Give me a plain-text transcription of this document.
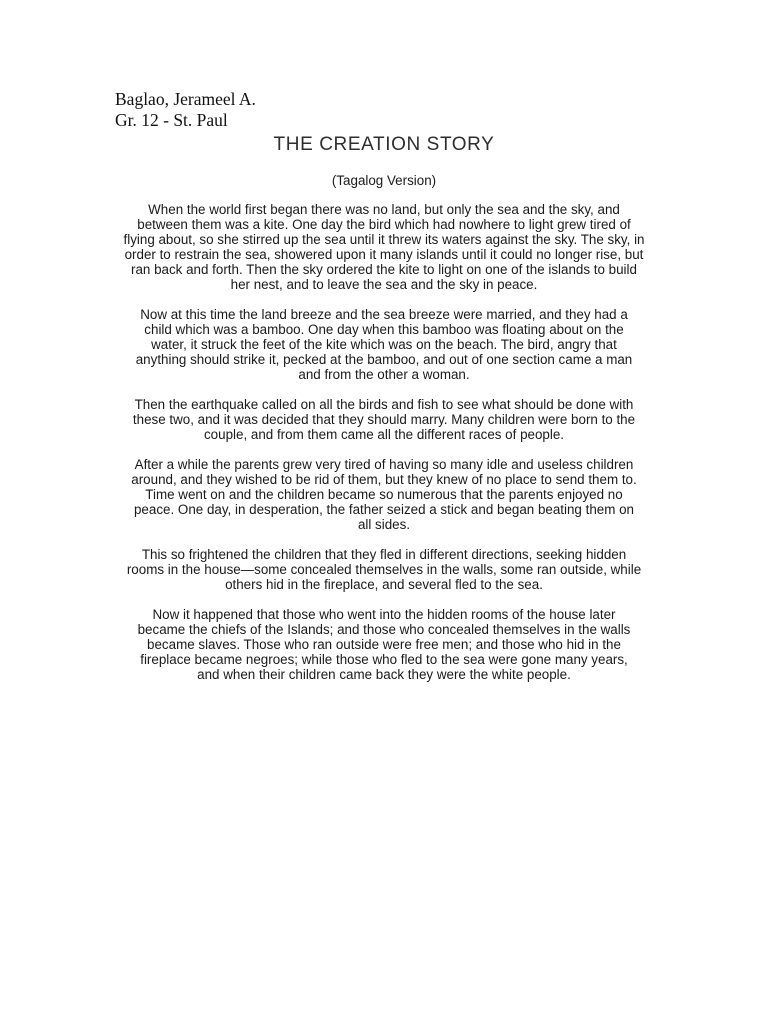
Baglao, Jerameel A.
Gr. 12 - St. Paul
THE CREATION STORY
(Tagalog Version)
When the world first began there was no land, but only the sea and the sky, and
between them was a kite. One day the bird which had nowhere to light grew tired of
flying about, so she stirred up the sea until it threw its waters against the sky. The sky, in
order to restrain the sea, showered upon it many islands until it could no longer rise, but
ran back and forth. Then the sky ordered the kite to light on one of the islands to build
her nest, and to leave the sea and the sky in peace.
Now at this time the land breeze and the sea breeze were married, and they had a
child which was a bamboo. One day when this bamboo was floating about on the
water, it struck the feet of the kite which was on the beach. The bird, angry that
anything should strike it, pecked at the bamboo, and out of one section came a man
and from the other a woman.
Then the earthquake called on all the birds and fish to see what should be done with
these two, and it was decided that they should marry. Many children were born to the
couple, and from them came all the different races of people.
After a while the parents grew very tired of having so many idle and useless children
around, and they wished to be rid of them, but they knew of no place to send them to.
Time went on and the children became so numerous that the parents enjoyed no
peace. One day, in desperation, the father seized a stick and began beating them on
all sides.
This so frightened the children that they fled in different directions, seeking hidden
rooms in the house—some concealed themselves in the walls, some ran outside, while
others hid in the fireplace, and several fled to the sea.
Now it happened that those who went into the hidden rooms of the house later
became the chiefs of the Islands; and those who concealed themselves in the walls
became slaves. Those who ran outside were free men; and those who hid in the
fireplace became negroes; while those who fled to the sea were gone many years,
and when their children came back they were the white people.
